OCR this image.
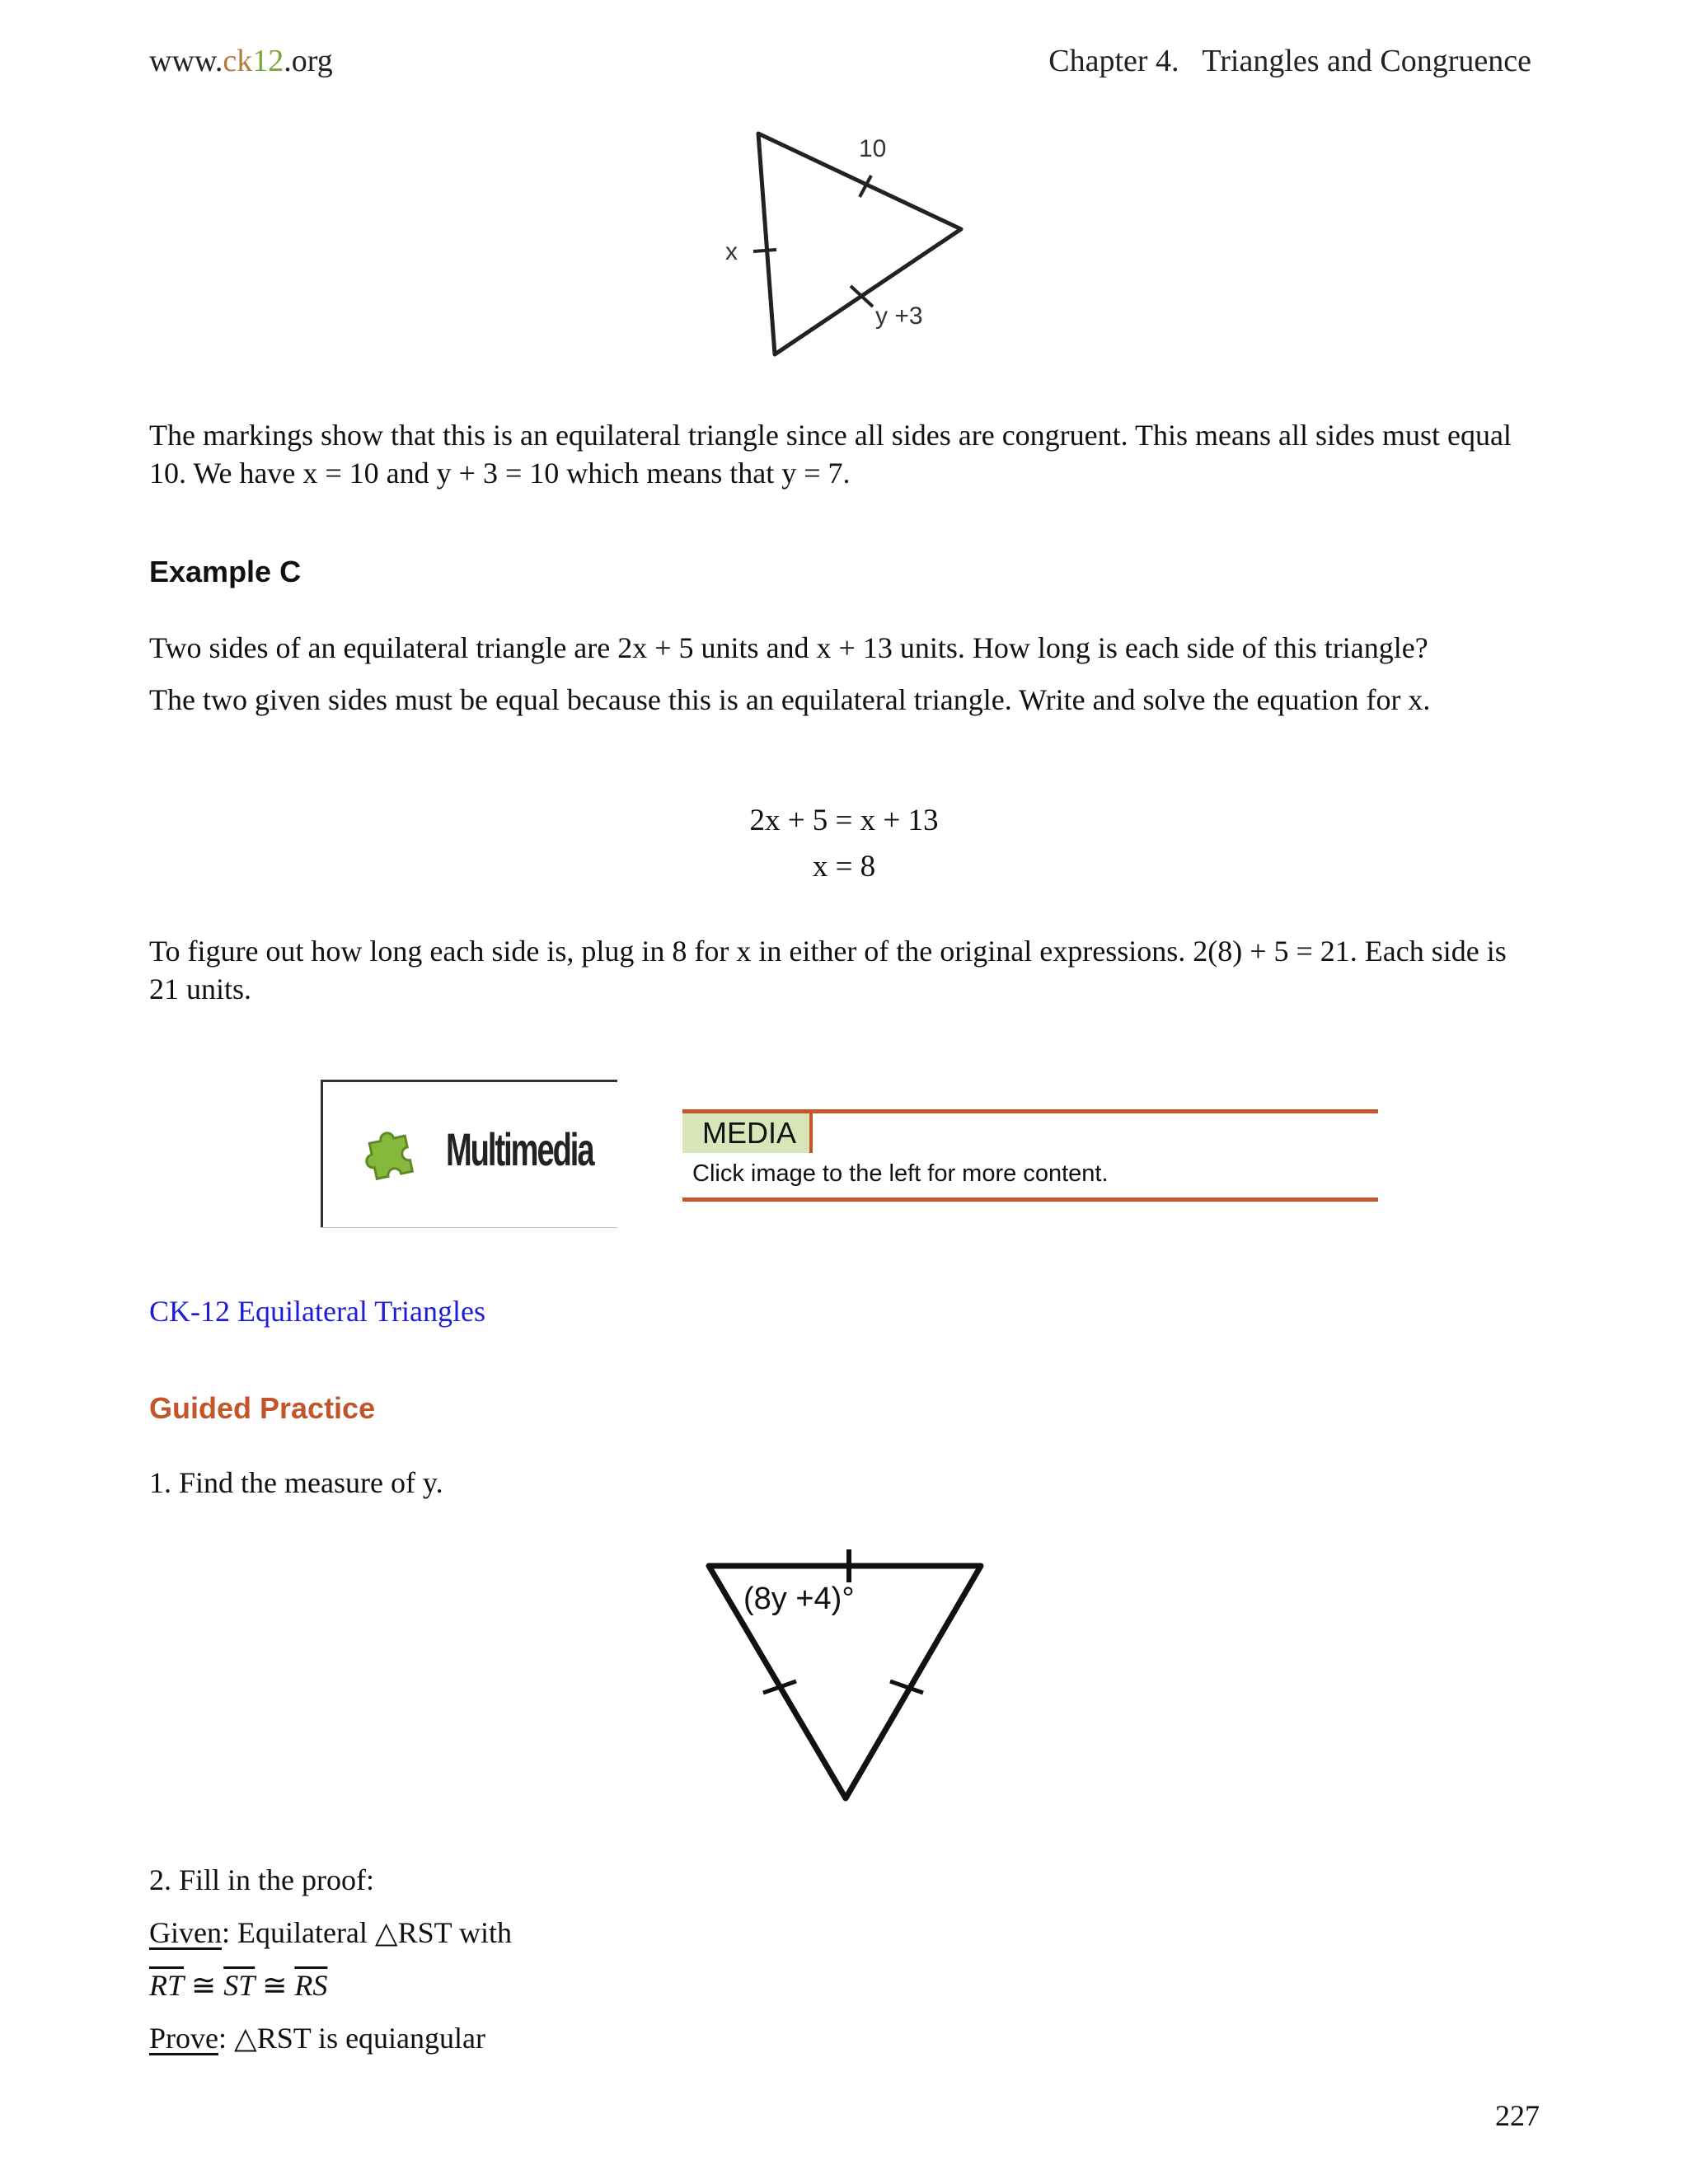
www.ck12.org	Chapter 4.   Triangles and Congruence
10
x
y +3
The markings show that this is an equilateral triangle since all sides are congruent. This means all sides must equal
10. We have x = 10 and y + 3 = 10 which means that y = 7.
Example C
Two sides of an equilateral triangle are 2x + 5 units and x + 13 units. How long is each side of this triangle?
The two given sides must be equal because this is an equilateral triangle. Write and solve the equation for x.
2x + 5 = x + 13
x = 8
To figure out how long each side is, plug in 8 for x in either of the original expressions. 2(8) + 5 = 21. Each side is
21 units.
Multimedia	MEDIA
Click image to the left for more content.
CK-12 Equilateral Triangles
Guided Practice
1. Find the measure of y.
(8y +4)°
2. Fill in the proof:
Given: Equilateral △RST with
$\overline{RT}$ ≅ $\overline{ST}$ ≅ $\overline{RS}$
Prove: △RST is equiangular
227
